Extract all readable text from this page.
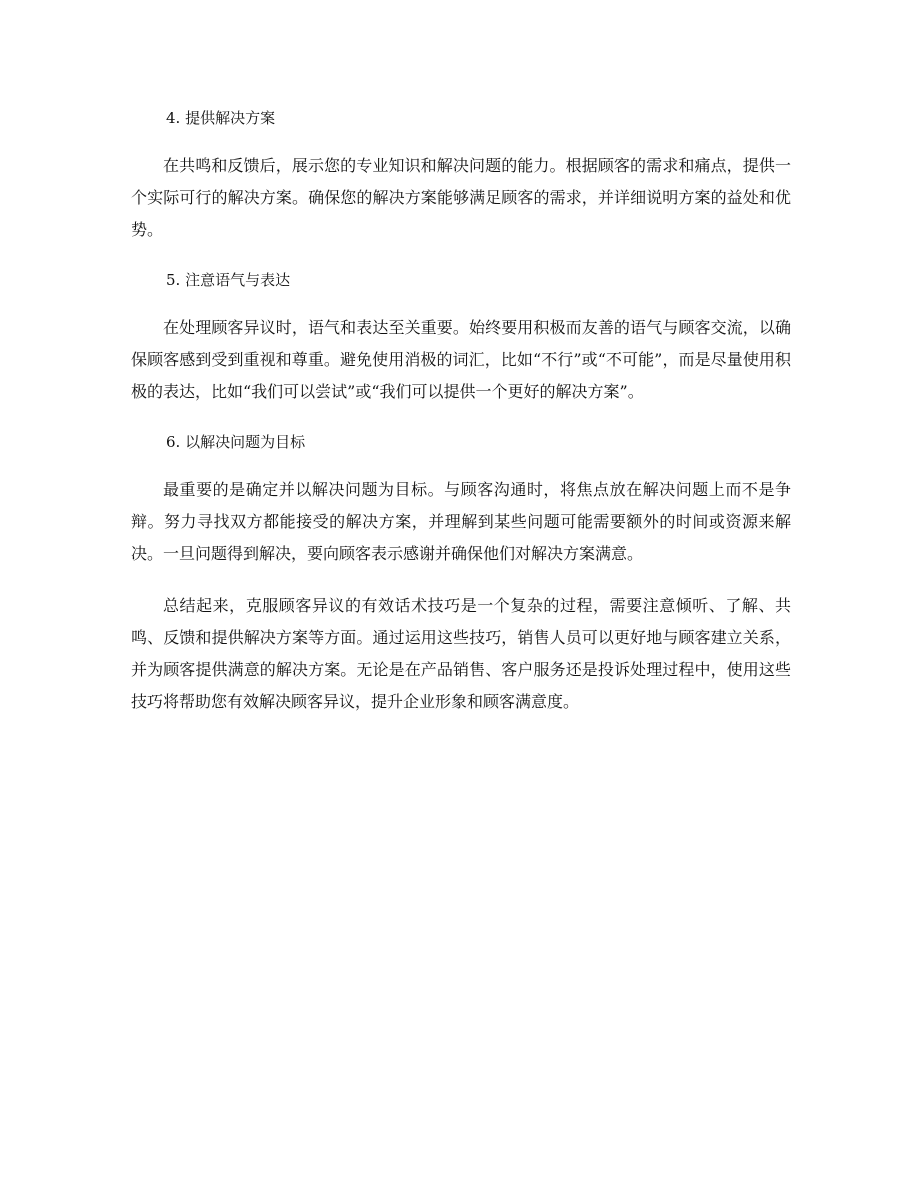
4. 提供解决方案

在共鸣和反馈后，展示您的专业知识和解决问题的能力。根据顾客的需求和痛点，提供一个实际可行的解决方案。确保您的解决方案能够满足顾客的需求，并详细说明方案的益处和优势。

5. 注意语气与表达

在处理顾客异议时，语气和表达至关重要。始终要用积极而友善的语气与顾客交流，以确保顾客感到受到重视和尊重。避免使用消极的词汇，比如“不行”或“不可能”，而是尽量使用积极的表达，比如“我们可以尝试”或“我们可以提供一个更好的解决方案”。

6. 以解决问题为目标

最重要的是确定并以解决问题为目标。与顾客沟通时，将焦点放在解决问题上而不是争辩。努力寻找双方都能接受的解决方案，并理解到某些问题可能需要额外的时间或资源来解决。一旦问题得到解决，要向顾客表示感谢并确保他们对解决方案满意。

总结起来，克服顾客异议的有效话术技巧是一个复杂的过程，需要注意倾听、了解、共鸣、反馈和提供解决方案等方面。通过运用这些技巧，销售人员可以更好地与顾客建立关系，并为顾客提供满意的解决方案。无论是在产品销售、客户服务还是投诉处理过程中，使用这些技巧将帮助您有效解决顾客异议，提升企业形象和顾客满意度。
